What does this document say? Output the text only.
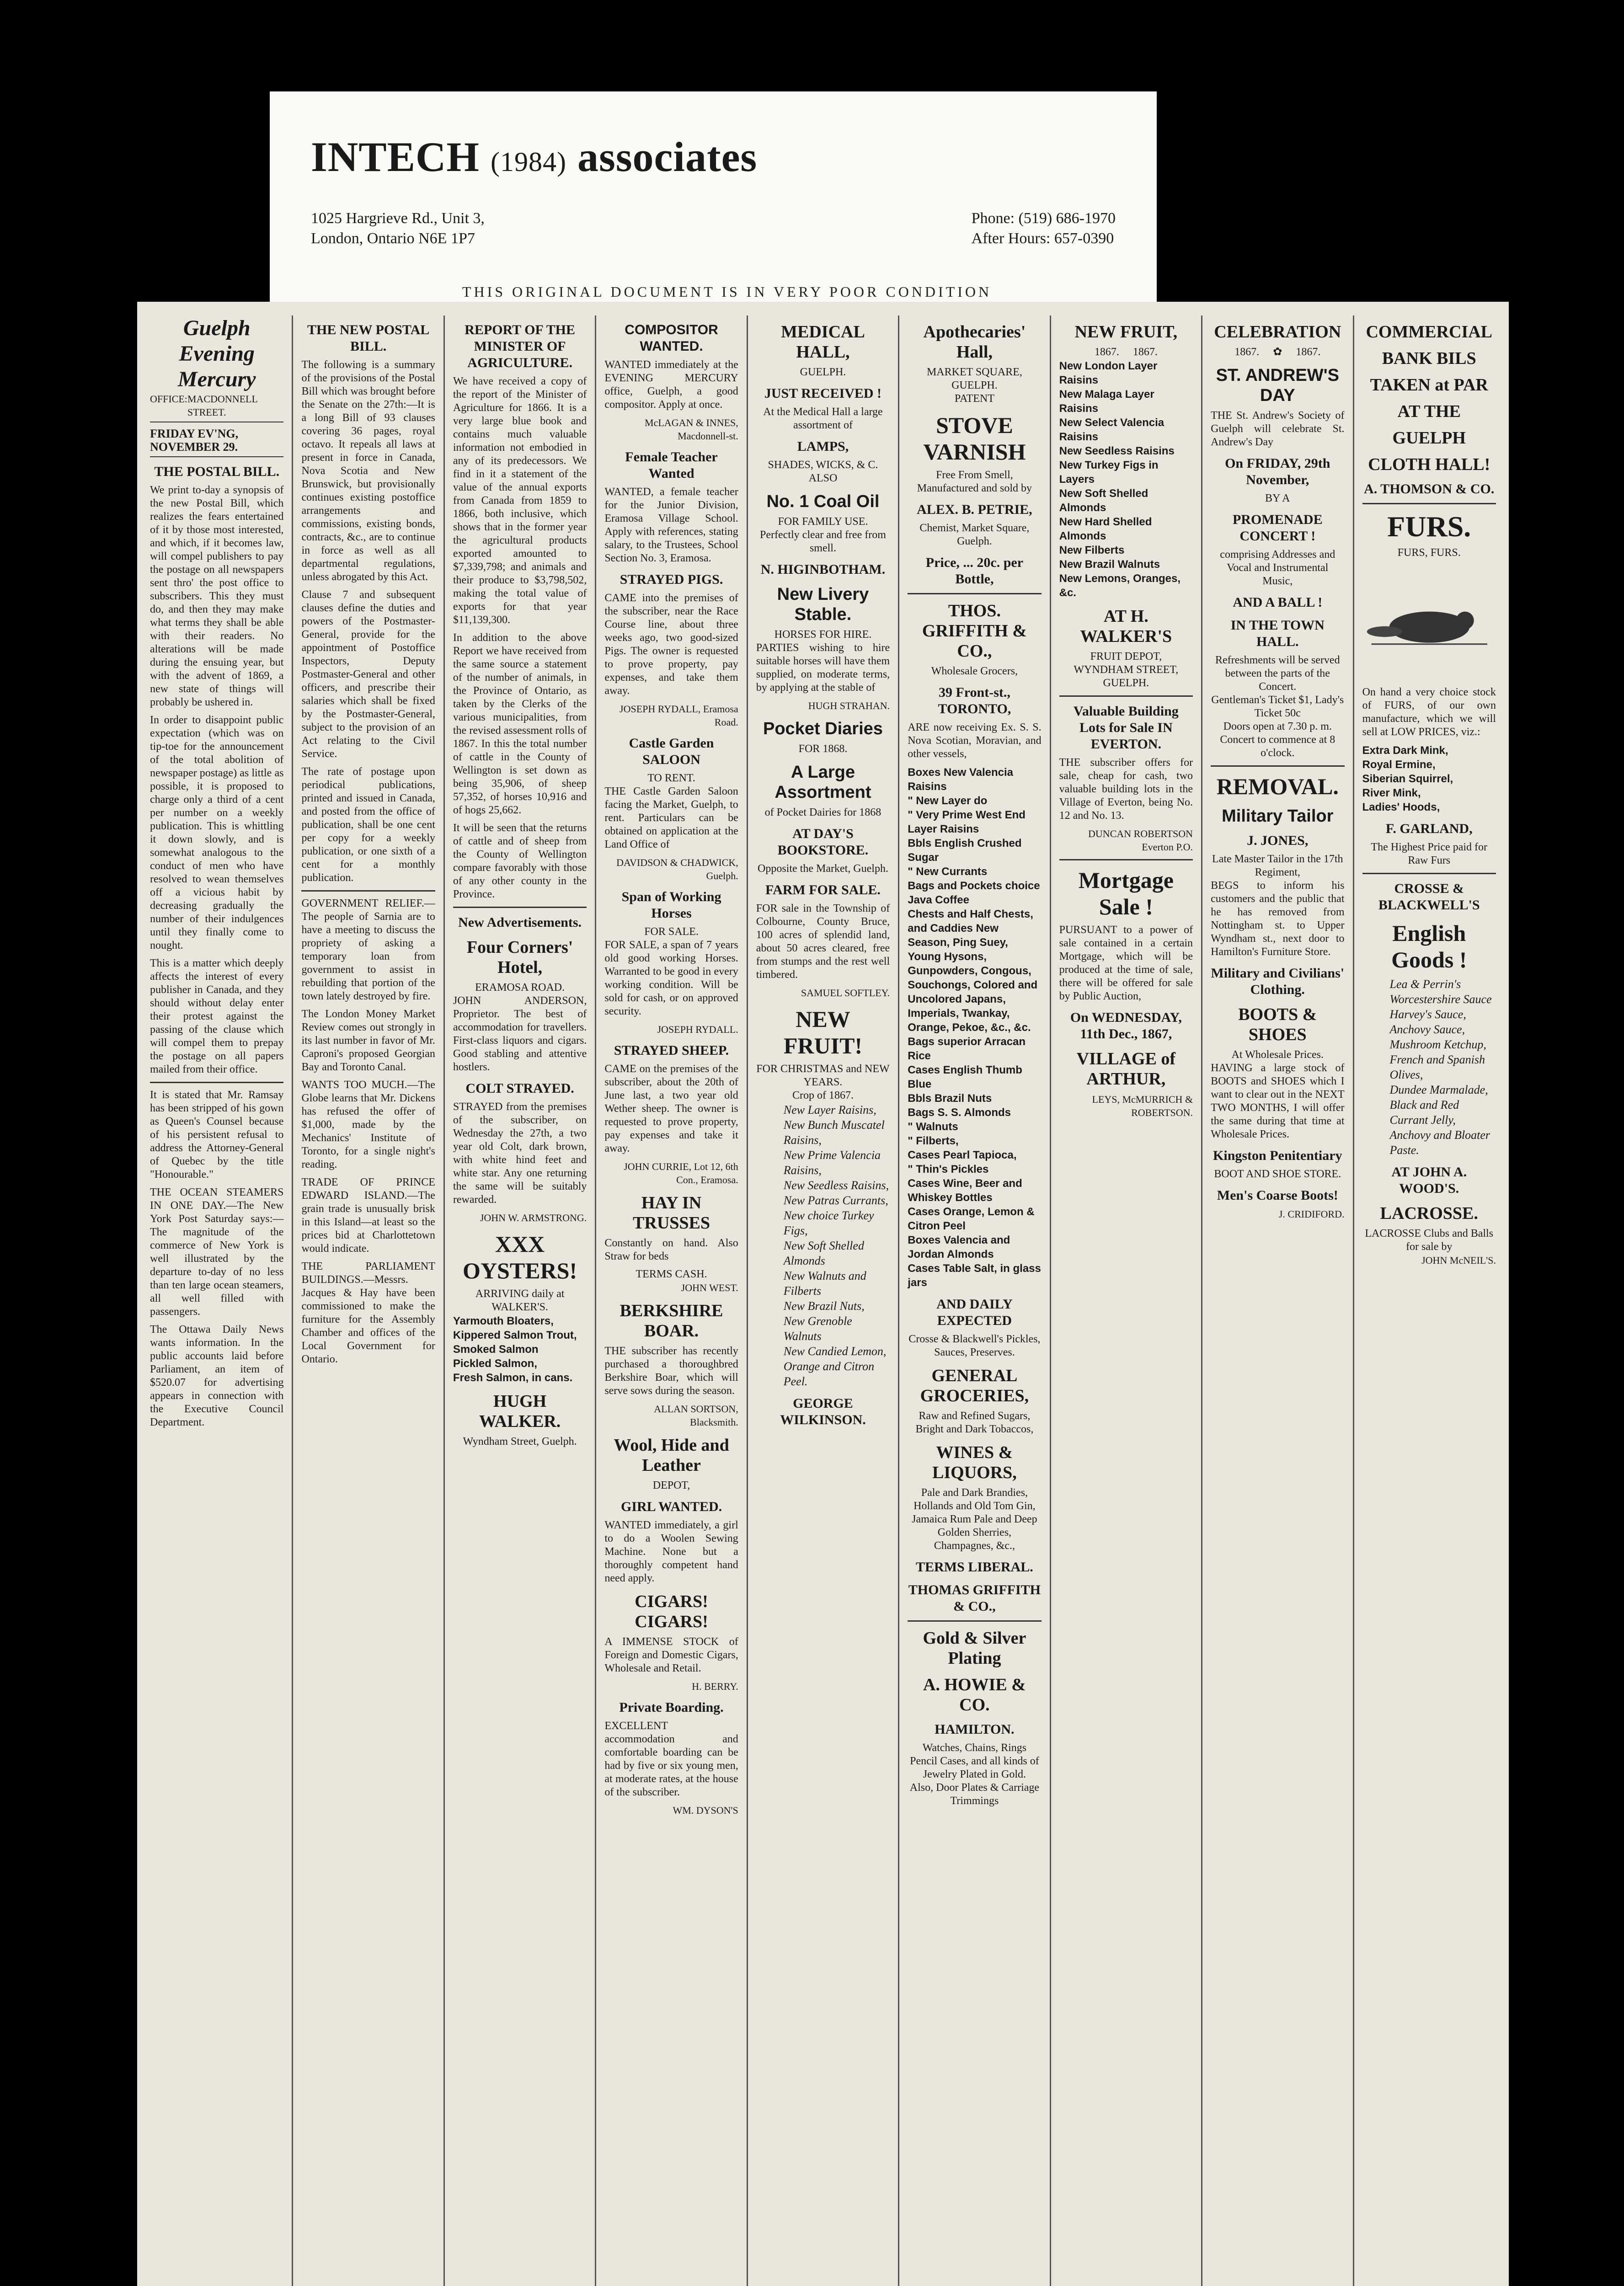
INTECH (1984) associates
1025 Hargrieve Rd., Unit 3,
London, Ontario N6E 1P7
Phone: (519) 686-1970
After Hours: 657-0390
THIS ORIGINAL DOCUMENT IS IN VERY POOR CONDITION
Guelph Evening Mercury
OFFICE: MACDONNELL STREET.
FRIDAY EV'NG, NOVEMBER 29.
THE POSTAL BILL.

We print to-day a synopsis of the new Postal Bill, which realizes the fears entertained of it by those most interested, and which, if it becomes law, will compel publishers to pay the postage on all newspapers sent thro' the post office to subscribers. This they must do, and then they may make what terms they shall be able with their readers. No alterations will be made during the ensuing year, but with the advent of 1869, a new state of things will probably be ushered in.

In order to disappoint public expectation (which was on tip-toe for the announcement of the total abolition of newspaper postage) as little as possible, it is proposed to charge only a third of a cent per number on a weekly publication. This is whittling it down slowly, and is somewhat analogous to the conduct of men who have resolved to wean themselves off a vicious habit by decreasing gradually the number of their indulgences until they finally come to nought.

This is a matter which deeply affects the interest of every publisher in Canada, and they should without delay enter their protest against the passing of the clause which will compel them to prepay the postage on all papers mailed from their office.

It is stated that Mr. Ramsay has been stripped of his gown as Queen's Counsel because of his persistent refusal to address the Attorney-General of Quebec by the title "Honourable."

THE OCEAN STEAMERS IN ONE DAY.—The New York Post Saturday says:—The magnitude of the commerce of New York is well illustrated by the departure to-day of no less than ten large ocean steamers, all well filled with passengers.

The Ottawa Daily News wants information. In the public accounts laid before Parliament, an item of $520.07 for advertising appears in connection with the Executive Council Department.

THE NEW POSTAL BILL.

The following is a summary of the provisions of the Postal Bill which was brought before the Senate on the 27th:—It is a long Bill of 93 clauses covering 36 pages, royal octavo. It repeals all laws at present in force in Canada, Nova Scotia and New Brunswick, but provisionally continues existing postoffice arrangements and commissions, existing bonds, contracts, &c., are to continue in force as well as all departmental regulations, unless abrogated by this Act.

Clause 7 and subsequent clauses define the duties and powers of the Postmaster-General, provide for the appointment of Postoffice Inspectors, Deputy Postmaster-General and other officers, and prescribe their salaries which shall be fixed by the Postmaster-General, subject to the provision of an Act relating to the Civil Service.

The rate of postage upon periodical publications, printed and issued in Canada, and posted from the office of publication, shall be one cent per copy for a weekly publication, or one sixth of a cent for a monthly publication.

GOVERNMENT RELIEF.—The people of Sarnia are to have a meeting to discuss the propriety of asking a temporary loan from government to assist in rebuilding that portion of the town lately destroyed by fire.

The London Money Market Review comes out strongly in its last number in favor of Mr. Caproni's proposed Georgian Bay and Toronto Canal.

WANTS TOO MUCH.—The Globe learns that Mr. Dickens has refused the offer of $1,000, made by the Mechanics' Institute of Toronto, for a single night's reading.

TRADE OF PRINCE EDWARD ISLAND.—The grain trade is unusually brisk in this Island—at least so the prices bid at Charlottetown would indicate.

THE PARLIAMENT BUILDINGS.—Messrs. Jacques & Hay have been commissioned to make the furniture for the Assembly Chamber and offices of the Local Government for Ontario.

REPORT OF THE MINISTER OF AGRICULTURE.

We have received a copy of the report of the Minister of Agriculture for 1866. It is a very large blue book and contains much valuable information not embodied in any of its predecessors. We find in it a statement of the value of the annual exports from Canada from 1859 to 1866, both inclusive, which shows that in the former year the agricultural products exported amounted to $7,339,798; and animals and their produce to $3,798,502, making the total value of exports for that year $11,139,300.

In addition to the above Report we have received from the same source a statement of the number of animals, in the Province of Ontario, as taken by the Clerks of the various municipalities, from the revised assessment rolls of 1867. In this the total number of cattle in the County of Wellington is set down as being 35,906, of sheep 57,352, of horses 10,916 and of hogs 25,662.

It will be seen that the returns of cattle and of sheep from the County of Wellington compare favorably with those of any other county in the Province.

New Advertisements.
Four Corners' Hotel,
ERAMOSA ROAD.

JOHN ANDERSON, Proprietor. The best of accommodation for travellers. First-class liquors and cigars. Good stabling and attentive hostlers.

COLT STRAYED.

STRAYED from the premises of the subscriber, on Wednesday the 27th, a two year old Colt, dark brown, with white hind feet and white star. Any one returning the same will be suitably rewarded.

JOHN W. ARMSTRONG.
XXX OYSTERS!
ARRIVING daily at WALKER'S.
Yarmouth Bloaters,
Kippered Salmon Trout,
Smoked Salmon
Pickled Salmon,
Fresh Salmon, in cans.
HUGH WALKER.
Wyndham Street, Guelph.
COMPOSITOR WANTED.

WANTED immediately at the EVENING MERCURY office, Guelph, a good compositor. Apply at once.

McLAGAN & INNES, Macdonnell-st.
Female Teacher Wanted

WANTED, a female teacher for the Junior Division, Eramosa Village School. Apply with references, stating salary, to the Trustees, School Section No. 3, Eramosa.

STRAYED PIGS.

CAME into the premises of the subscriber, near the Race Course line, about three weeks ago, two good-sized Pigs. The owner is requested to prove property, pay expenses, and take them away.

JOSEPH RYDALL, Eramosa Road.
Castle Garden SALOON
TO RENT.

THE Castle Garden Saloon facing the Market, Guelph, to rent. Particulars can be obtained on application at the Land Office of

DAVIDSON & CHADWICK, Guelph.
Span of Working Horses
FOR SALE.

FOR SALE, a span of 7 years old good working Horses. Warranted to be good in every working condition. Will be sold for cash, or on approved security.

JOSEPH RYDALL.
STRAYED SHEEP.

CAME on the premises of the subscriber, about the 20th of June last, a two year old Wether sheep. The owner is requested to prove property, pay expenses and take it away.

JOHN CURRIE, Lot 12, 6th Con., Eramosa.
HAY IN TRUSSES

Constantly on hand. Also Straw for beds

TERMS CASH.
JOHN WEST.
BERKSHIRE BOAR.

THE subscriber has recently purchased a thoroughbred Berkshire Boar, which will serve sows during the season.

ALLAN SORTSON, Blacksmith.
Wool, Hide and Leather
DEPOT,
GIRL WANTED.

WANTED immediately, a girl to do a Woolen Sewing Machine. None but a thoroughly competent hand need apply.

CIGARS! CIGARS!

A IMMENSE STOCK of Foreign and Domestic Cigars, Wholesale and Retail.

H. BERRY.
Private Boarding.

EXCELLENT accommodation and comfortable boarding can be had by five or six young men, at moderate rates, at the house of the subscriber.

WM. DYSON'S
MEDICAL HALL,
GUELPH.
JUST RECEIVED !
At the Medical Hall a large assortment of
LAMPS,
SHADES, WICKS, & C.
ALSO
No. 1 Coal Oil
FOR FAMILY USE.
Perfectly clear and free from smell.
N. HIGINBOTHAM.
New Livery Stable.
HORSES FOR HIRE.

PARTIES wishing to hire suitable horses will have them supplied, on moderate terms, by applying at the stable of

HUGH STRAHAN.
Pocket Diaries
FOR 1868.
A Large Assortment
of Pocket Dairies for 1868
AT DAY'S BOOKSTORE.
Opposite the Market, Guelph.
FARM FOR SALE.

FOR sale in the Township of Colbourne, County Bruce, 100 acres of splendid land, about 50 acres cleared, free from stumps and the rest well timbered.

SAMUEL SOFTLEY.
NEW FRUIT!
FOR CHRISTMAS and NEW YEARS.
Crop of 1867.
New Layer Raisins,
New Bunch Muscatel Raisins,
New Prime Valencia Raisins,
New Seedless Raisins,
New Patras Currants,
New choice Turkey Figs,
New Soft Shelled Almonds
New Walnuts and Filberts
New Brazil Nuts,
New Grenoble Walnuts
New Candied Lemon, Orange and Citron Peel.
GEORGE WILKINSON.
Apothecaries' Hall,
MARKET SQUARE, GUELPH.
PATENT
STOVE VARNISH
Free From Smell,
Manufactured and sold by
ALEX. B. PETRIE,
Chemist, Market Square, Guelph.
Price, ... 20c. per Bottle,
THOS. GRIFFITH & CO.,
Wholesale Grocers,
39 Front-st., TORONTO,

ARE now receiving Ex. S. S. Nova Scotian, Moravian, and other vessels,

Boxes New Valencia Raisins
" New Layer do
" Very Prime West End Layer Raisins
Bbls English Crushed Sugar
" New Currants
Bags and Pockets choice Java Coffee
Chests and Half Chests, and Caddies New Season, Ping Suey, Young Hysons, Gunpowders, Congous, Souchongs, Colored and Uncolored Japans, Imperials, Twankay, Orange, Pekoe, &c., &c.
Bags superior Arracan Rice
Cases English Thumb Blue
Bbls Brazil Nuts
Bags S. S. Almonds
" Walnuts
" Filberts,
Cases Pearl Tapioca,
" Thin's Pickles
Cases Wine, Beer and Whiskey Bottles
Cases Orange, Lemon & Citron Peel
Boxes Valencia and Jordan Almonds
Cases Table Salt, in glass jars
AND DAILY EXPECTED
Crosse & Blackwell's Pickles, Sauces, Preserves.
GENERAL GROCERIES,
Raw and Refined Sugars, Bright and Dark Tobaccos,
WINES & LIQUORS,
Pale and Dark Brandies, Hollands and Old Tom Gin, Jamaica Rum Pale and Deep Golden Sherries, Champagnes, &c.,
TERMS LIBERAL.
THOMAS GRIFFITH & CO.,
Gold & Silver Plating
A. HOWIE & CO.
HAMILTON.
Watches, Chains, Rings Pencil Cases, and all kinds of Jewelry Plated in Gold.
Also, Door Plates & Carriage Trimmings
NEW FRUIT,
1867. 1867.
New London Layer Raisins
New Malaga Layer Raisins
New Select Valencia Raisins
New Seedless Raisins
New Turkey Figs in Layers
New Soft Shelled Almonds
New Hard Shelled Almonds
New Filberts
New Brazil Walnuts
New Lemons, Oranges, &c.
AT H. WALKER'S
FRUIT DEPOT,
WYNDHAM STREET, GUELPH.
Valuable Building Lots for Sale IN EVERTON.

THE subscriber offers for sale, cheap for cash, two valuable building lots in the Village of Everton, being No. 12 and No. 13.

DUNCAN ROBERTSON Everton P.O.
Mortgage Sale !

PURSUANT to a power of sale contained in a certain Mortgage, which will be produced at the time of sale, there will be offered for sale by Public Auction,

On WEDNESDAY, 11th Dec., 1867,
VILLAGE of ARTHUR,
LEYS, McMURRICH & ROBERTSON.
CELEBRATION
1867. ✿ 1867.
ST. ANDREW'S DAY

THE St. Andrew's Society of Guelph will celebrate St. Andrew's Day

On FRIDAY, 29th November,
BY A
PROMENADE CONCERT !
comprising Addresses and Vocal and Instrumental Music,
AND A BALL !
IN THE TOWN HALL.
Refreshments will be served between the parts of the Concert.
Gentleman's Ticket $1, Lady's Ticket 50c
Doors open at 7.30 p. m. Concert to commence at 8 o'clock.
REMOVAL.
Military Tailor
J. JONES,
Late Master Tailor in the 17th Regiment,

BEGS to inform his customers and the public that he has removed from Nottingham st. to Upper Wyndham st., next door to Hamilton's Furniture Store.

Military and Civilians' Clothing.
BOOTS & SHOES
At Wholesale Prices.

HAVING a large stock of BOOTS and SHOES which I want to clear out in the NEXT TWO MONTHS, I will offer the same during that time at Wholesale Prices.

Kingston Penitentiary
BOOT AND SHOE STORE.
Men's Coarse Boots!
J. CRIDIFORD.
COMMERCIAL
BANK BILS
TAKEN at PAR
AT THE
GUELPH
CLOTH HALL!
A. THOMSON & CO.
FURS.
FURS, FURS.

On hand a very choice stock of FURS, of our own manufacture, which we will sell at LOW PRICES, viz.:

Extra Dark Mink,
Royal Ermine,
Siberian Squirrel,
River Mink,
Ladies' Hoods,
F. GARLAND,
The Highest Price paid for Raw Furs
CROSSE & BLACKWELL'S
English Goods !
Lea & Perrin's Worcestershire Sauce
Harvey's Sauce,
Anchovy Sauce,
Mushroom Ketchup,
French and Spanish Olives,
Dundee Marmalade,
Black and Red Currant Jelly,
Anchovy and Bloater Paste.
AT JOHN A. WOOD'S.
LACROSSE.
LACROSSE Clubs and Balls for sale by
JOHN McNEIL'S.
